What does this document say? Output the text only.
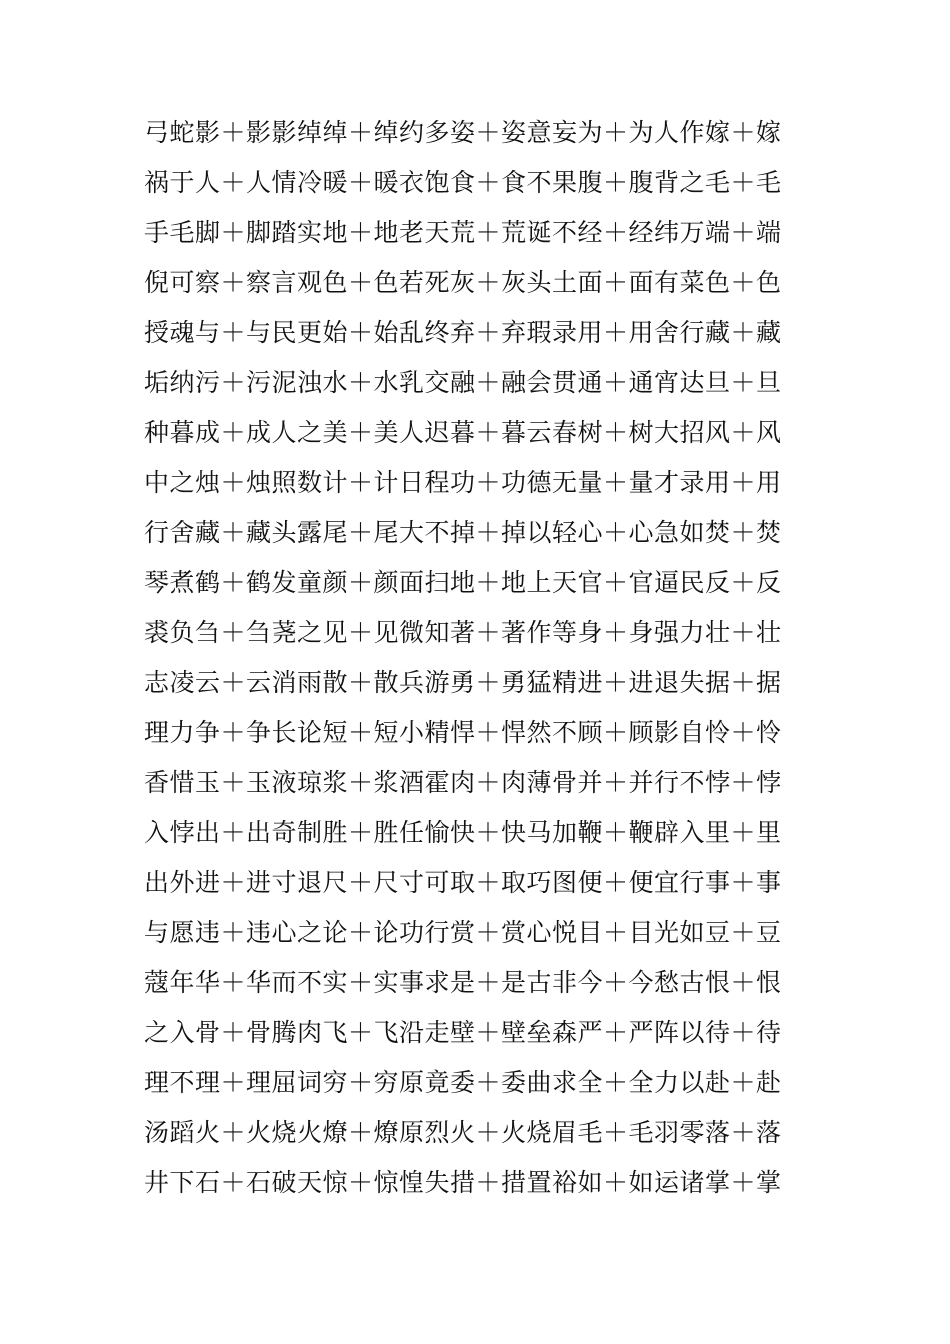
弓蛇影＋影影绰绰＋绰约多姿＋姿意妄为＋为人作嫁＋嫁
祸于人＋人情冷暖＋暖衣饱食＋食不果腹＋腹背之毛＋毛
手毛脚＋脚踏实地＋地老天荒＋荒诞不经＋经纬万端＋端
倪可察＋察言观色＋色若死灰＋灰头土面＋面有菜色＋色
授魂与＋与民更始＋始乱终弃＋弃瑕录用＋用舍行藏＋藏
垢纳污＋污泥浊水＋水乳交融＋融会贯通＋通宵达旦＋旦
种暮成＋成人之美＋美人迟暮＋暮云春树＋树大招风＋风
中之烛＋烛照数计＋计日程功＋功德无量＋量才录用＋用
行舍藏＋藏头露尾＋尾大不掉＋掉以轻心＋心急如焚＋焚
琴煮鹤＋鹤发童颜＋颜面扫地＋地上天官＋官逼民反＋反
裘负刍＋刍荛之见＋见微知著＋著作等身＋身强力壮＋壮
志凌云＋云消雨散＋散兵游勇＋勇猛精进＋进退失据＋据
理力争＋争长论短＋短小精悍＋悍然不顾＋顾影自怜＋怜
香惜玉＋玉液琼浆＋浆酒霍肉＋肉薄骨并＋并行不悖＋悖
入悖出＋出奇制胜＋胜任愉快＋快马加鞭＋鞭辟入里＋里
出外进＋进寸退尺＋尺寸可取＋取巧图便＋便宜行事＋事
与愿违＋违心之论＋论功行赏＋赏心悦目＋目光如豆＋豆
蔻年华＋华而不实＋实事求是＋是古非今＋今愁古恨＋恨
之入骨＋骨腾肉飞＋飞沿走壁＋壁垒森严＋严阵以待＋待
理不理＋理屈词穷＋穷原竟委＋委曲求全＋全力以赴＋赴
汤蹈火＋火烧火燎＋燎原烈火＋火烧眉毛＋毛羽零落＋落
井下石＋石破天惊＋惊惶失措＋措置裕如＋如运诸掌＋掌
